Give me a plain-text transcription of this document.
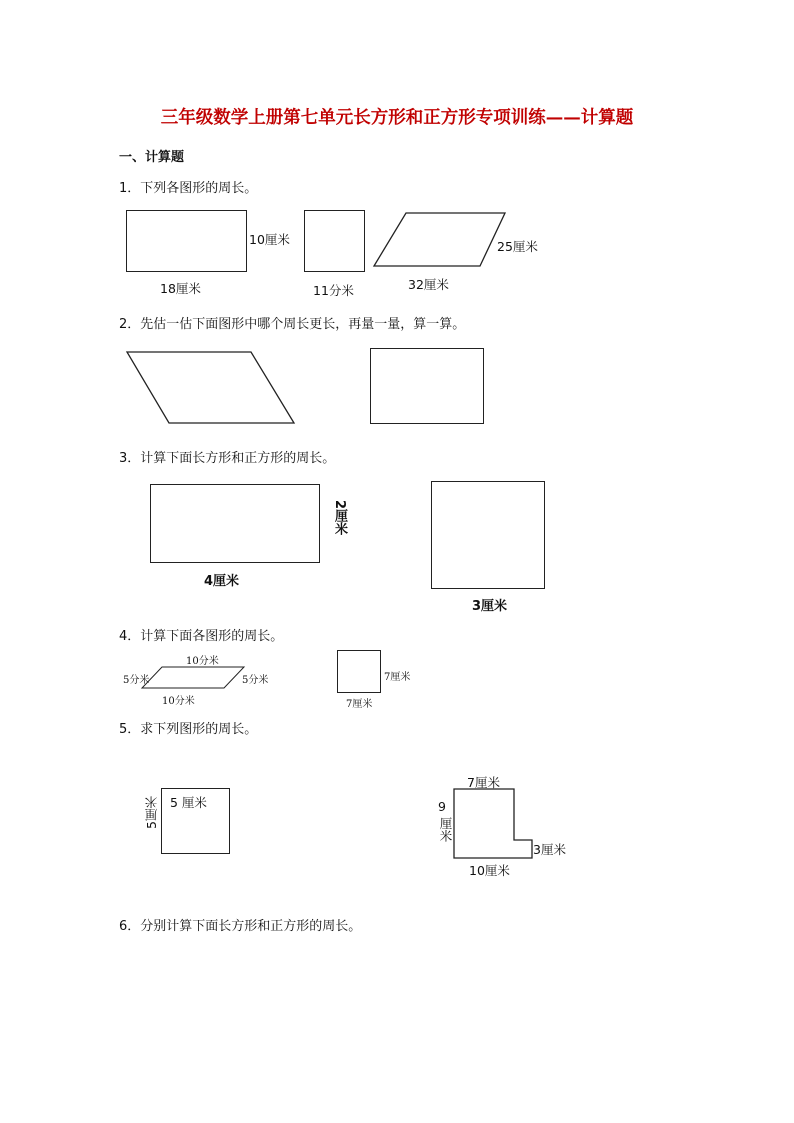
三年级数学上册第七单元长方形和正方形专项训练——计算题
一、计算题
1．下列各图形的周长。
10厘米
18厘米	11分米
25厘米
32厘米
2．先估一估下面图形中哪个周长更长，再量一量，算一算。
3．计算下面长方形和正方形的周长。
2厘米
4厘米
3厘米
4．计算下面各图形的周长。
10分米
10分米
5分米	5分米	7厘米
7厘米
5．求下列图形的周长。
5 厘米
5厘米
7厘米
9
厘米
3厘米
10厘米
6．分别计算下面长方形和正方形的周长。
